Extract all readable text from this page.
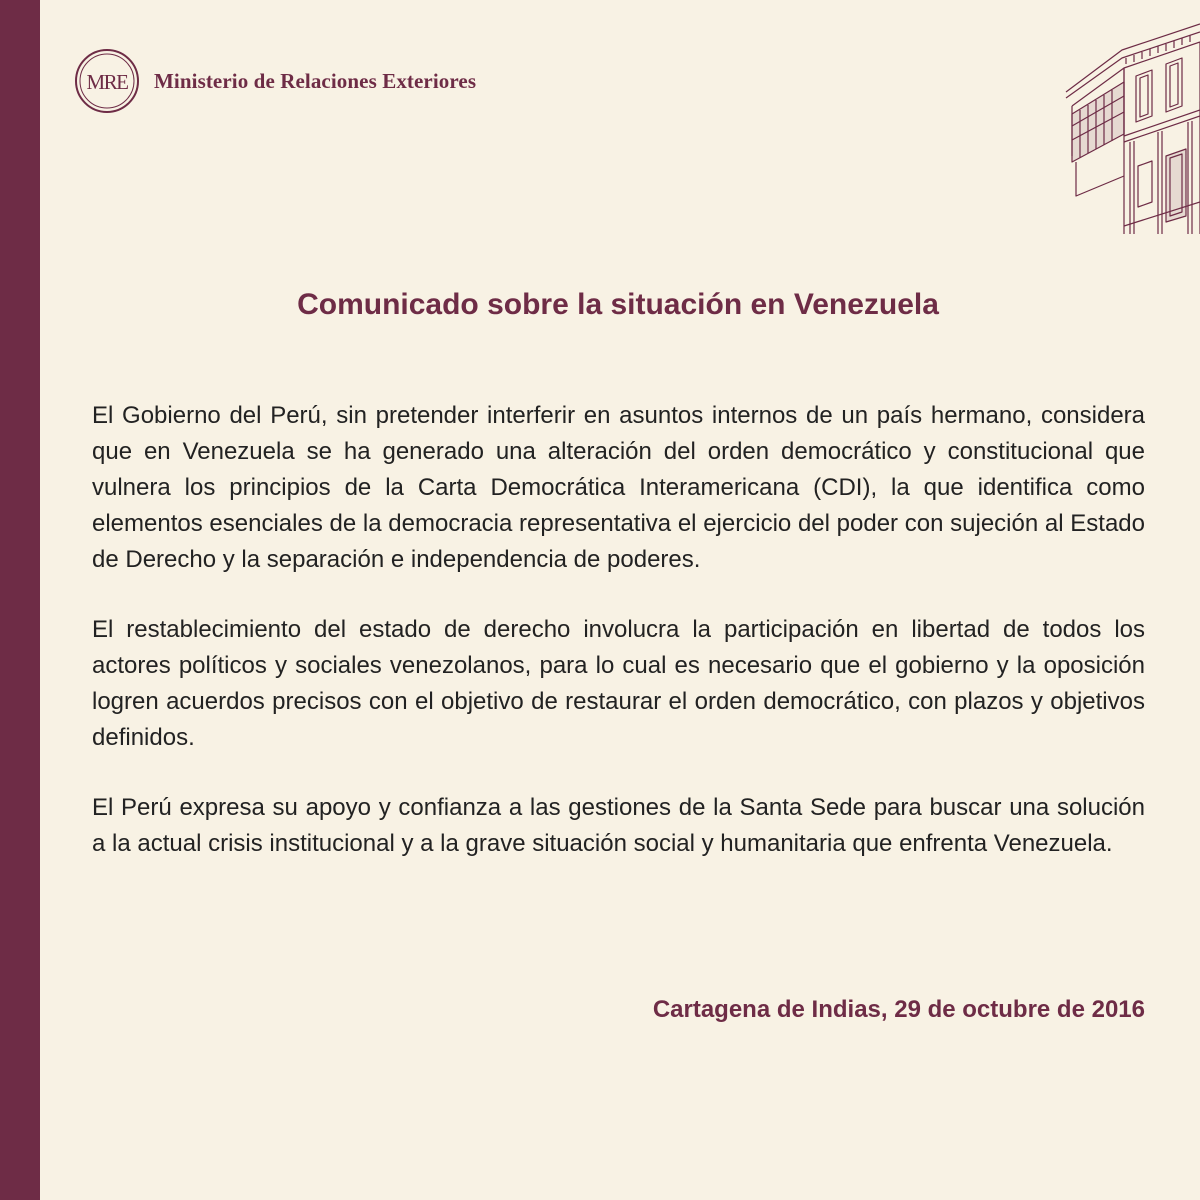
MRE Ministerio de Relaciones Exteriores
Comunicado sobre la situación en Venezuela

El Gobierno del Perú, sin pretender interferir en asuntos internos de un país hermano, considera que en Venezuela se ha generado una alteración del orden democrático y constitucional que vulnera los principios de la Carta Democrática Interamericana (CDI), la que identifica como elementos esenciales de la democracia representativa el ejercicio del poder con sujeción al Estado de Derecho y la separación e independencia de poderes.

El restablecimiento del estado de derecho involucra la participación en libertad de todos los actores políticos y sociales venezolanos, para lo cual es necesario que el gobierno y la oposición logren acuerdos precisos con el objetivo de restaurar el orden democrático, con plazos y objetivos definidos.

El Perú expresa su apoyo y confianza a las gestiones de la Santa Sede para buscar una solución a la actual crisis institucional y a la grave situación social y humanitaria que enfrenta Venezuela.

Cartagena de Indias, 29 de octubre de 2016
